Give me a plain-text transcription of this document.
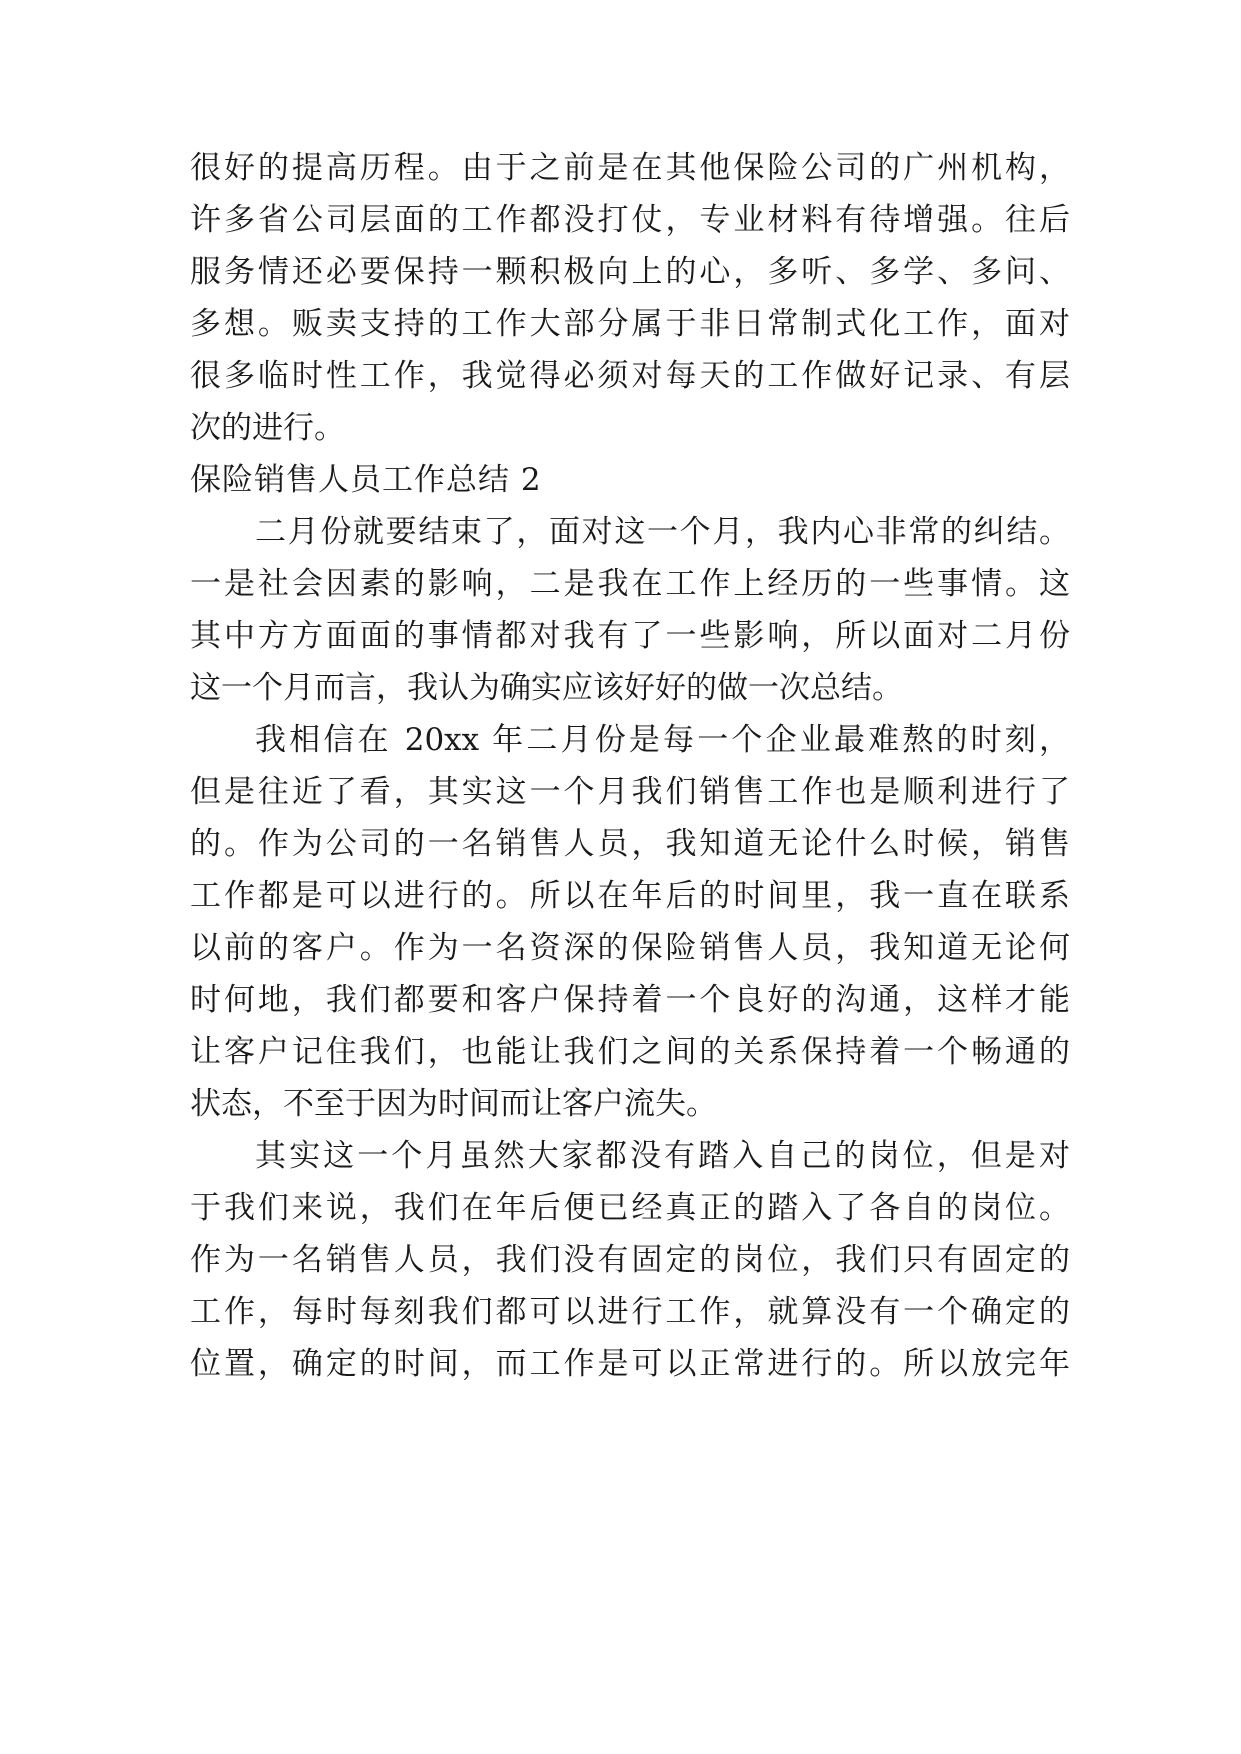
很好的提高历程。由于之前是在其他保险公司的广州机构，
许多省公司层面的工作都没打仗，专业材料有待增强。往后
服务情还必要保持一颗积极向上的心，多听、多学、多问、
多想。贩卖支持的工作大部分属于非日常制式化工作，面对
很多临时性工作，我觉得必须对每天的工作做好记录、有层
次的进行。
保险销售人员工作总结 2
二月份就要结束了，面对这一个月，我内心非常的纠结。
一是社会因素的影响，二是我在工作上经历的一些事情。这
其中方方面面的事情都对我有了一些影响，所以面对二月份
这一个月而言，我认为确实应该好好的做一次总结。
我相信在 20xx 年二月份是每一个企业最难熬的时刻，
但是往近了看，其实这一个月我们销售工作也是顺利进行了
的。作为公司的一名销售人员，我知道无论什么时候，销售
工作都是可以进行的。所以在年后的时间里，我一直在联系
以前的客户。作为一名资深的保险销售人员，我知道无论何
时何地，我们都要和客户保持着一个良好的沟通，这样才能
让客户记住我们，也能让我们之间的关系保持着一个畅通的
状态，不至于因为时间而让客户流失。
其实这一个月虽然大家都没有踏入自己的岗位，但是对
于我们来说，我们在年后便已经真正的踏入了各自的岗位。
作为一名销售人员，我们没有固定的岗位，我们只有固定的
工作，每时每刻我们都可以进行工作，就算没有一个确定的
位置，确定的时间，而工作是可以正常进行的。所以放完年
